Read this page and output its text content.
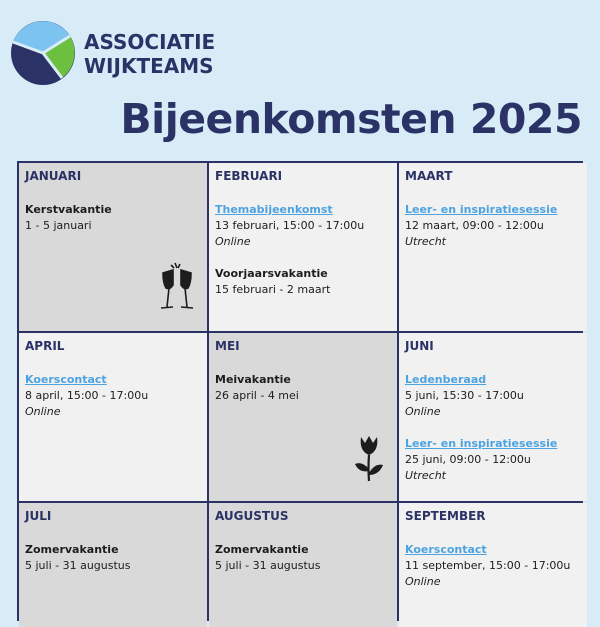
ASSOCIATIE
WIJKTEAMS
Bijeenkomsten 2025
JANUARI
Kerstvakantie
1 - 5 januari
FEBRUARI
Themabijeenkomst
13 februari, 15:00 - 17:00u
Online
Voorjaarsvakantie
15 februari - 2 maart
MAART
Leer- en inspiratiesessie
12 maart, 09:00 - 12:00u
Utrecht
APRIL
Koerscontact
8 april, 15:00 - 17:00u
Online
MEI
Meivakantie
26 april - 4 mei
JUNI
Ledenberaad
5 juni, 15:30 - 17:00u
Online
Leer- en inspiratiesessie
25 juni, 09:00 - 12:00u
Utrecht
JULI
Zomervakantie
5 juli - 31 augustus
AUGUSTUS
Zomervakantie
5 juli - 31 augustus
SEPTEMBER
Koerscontact
11 september, 15:00 - 17:00u
Online
